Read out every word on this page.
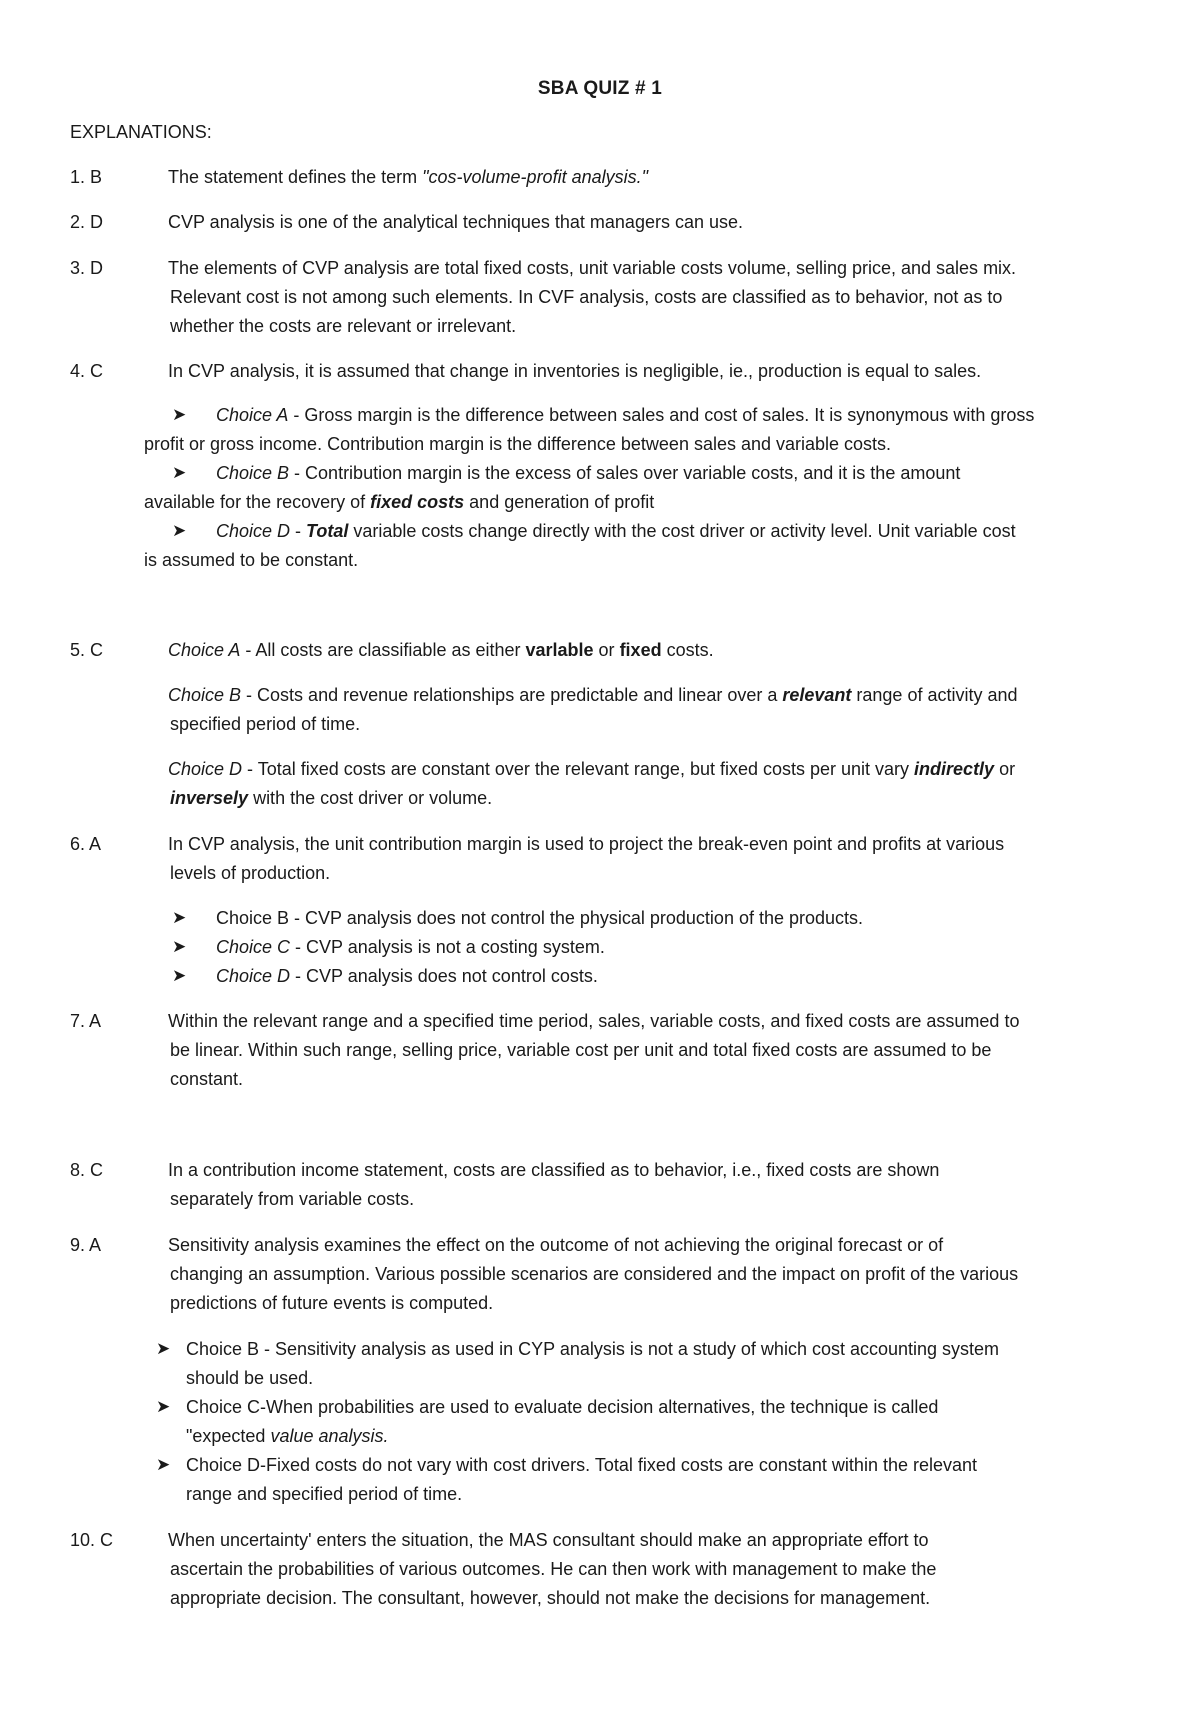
SBA QUIZ # 1
EXPLANATIONS:
1. B	The statement defines the term "cos-volume-profit analysis."
2. D	CVP analysis is one of the analytical techniques that managers can use.
3. D	The elements of CVP analysis are total fixed costs, unit variable costs volume, selling price, and sales mix.
Relevant cost is not among such elements. In CVF analysis, costs are classified as to behavior, not as to
whether the costs are relevant or irrelevant.
4. C	In CVP analysis, it is assumed that change in inventories is negligible, ie., production is equal to sales.
➤ Choice A - Gross margin is the difference between sales and cost of sales. It is synonymous with gross
profit or gross income. Contribution margin is the difference between sales and variable costs.
➤ Choice B - Contribution margin is the excess of sales over variable costs, and it is the amount
available for the recovery of fixed costs and generation of profit
➤ Choice D - Total variable costs change directly with the cost driver or activity level. Unit variable cost
is assumed to be constant.
5. C	Choice A - All costs are classifiable as either varlable or fixed costs.
Choice B - Costs and revenue relationships are predictable and linear over a relevant range of activity and
specified period of time.
Choice D - Total fixed costs are constant over the relevant range, but fixed costs per unit vary indirectly or
inversely with the cost driver or volume.
6. A	In CVP analysis, the unit contribution margin is used to project the break-even point and profits at various
levels of production.
➤ Choice B - CVP analysis does not control the physical production of the products.
➤ Choice C - CVP analysis is not a costing system.
➤ Choice D - CVP analysis does not control costs.
7. A	Within the relevant range and a specified time period, sales, variable costs, and fixed costs are assumed to
be linear. Within such range, selling price, variable cost per unit and total fixed costs are assumed to be
constant.
8. C	In a contribution income statement, costs are classified as to behavior, i.e., fixed costs are shown
separately from variable costs.
9. A	Sensitivity analysis examines the effect on the outcome of not achieving the original forecast or of
changing an assumption. Various possible scenarios are considered and the impact on profit of the various
predictions of future events is computed.
➤ Choice B - Sensitivity analysis as used in CYP analysis is not a study of which cost accounting system
should be used.
➤ Choice C-When probabilities are used to evaluate decision alternatives, the technique is called
"expected value analysis.
➤ Choice D-Fixed costs do not vary with cost drivers. Total fixed costs are constant within the relevant
range and specified period of time.
10. C	When uncertainty' enters the situation, the MAS consultant should make an appropriate effort to
ascertain the probabilities of various outcomes. He can then work with management to make the
appropriate decision. The consultant, however, should not make the decisions for management.
